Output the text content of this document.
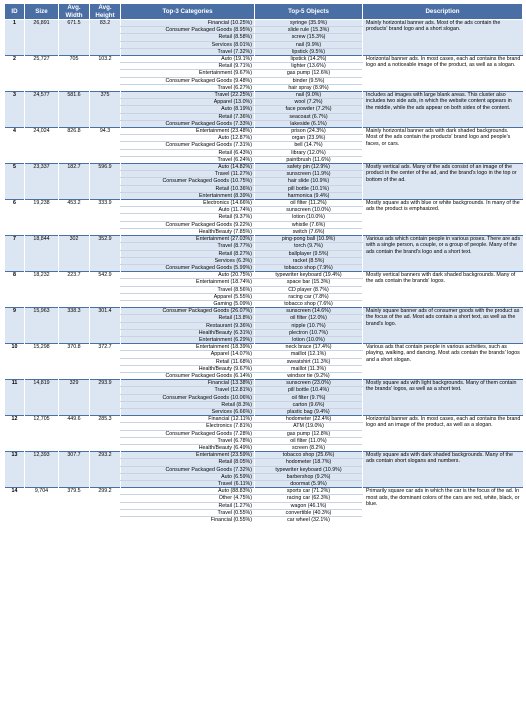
ID	Size	Avg. Width	Avg. Height	Top-3 Categories	Top-5 Objects	Description
1	26,891	671.5	83.2	Financial (10.25%)	syringe (35.9%)	Mainly horizontal banner ads. Most of the ads contain the products' brand logo and a short slogan.
				Consumer Packaged Goods (8.95%)	slide rule (15.3%)	
				Retail (8.58%)	screw (15.3%)	
				Services (8.01%)	nail (9.9%)	
				Travel (7.32%)	lipstick (9.5%)	
2	25,727	705	103.2	Auto (19.1%)	lipstick (14.2%)	Horizontal banner ads. In most cases, each ad contains the brand logo and a noticeable image of the product, as well as a slogan.
				Retail (9.71%)	lighter (13.6%)	
				Entertainment (9.67%)	gas pump (12.6%)	
				Consumer Packaged Goods (9.48%)	binder (9.5%)	
				Travel (6.27%)	hair spray (8.9%)	
3	24,577	581.6	375	Travel (22.25%)	nail (9.0%)	Includes ad images with large blank areas. This cluster also includes two side ads, in which the website content appears in the middle, while the ads appear on both sides of the content.
				Apparel (13.0%)	wool (7.2%)	
				Auto (8.19%)	face powder (7.2%)	
				Retail (7.36%)	seacoast (6.7%)	
				Consumer Packaged Goods (7.33%)	lakeside (6.1%)	
4	24,024	826.8	94.3	Entertainment (23.48%)	prison (24.3%)	Mainly horizontal banner ads with dark shaded backgrounds. Most of the ads contain the products' brand logo and people's faces, or cars.
				Auto (12.87%)	organ (23.9%)	
				Consumer Packaged Goods (7.31%)	bell (14.7%)	
				Retail (6.43%)	library (12.0%)	
				Travel (6.24%)	paintbrush (11.6%)	
5	23,337	182.7	596.9	Auto (14.82%)	safety pin (12.9%)	Mostly vertical ads. Many of the ads consist of an image of the product in the center of the ad, and the brand's logo in the top or bottom of the ad.
				Travel (11.27%)	sunscreen (11.9%)	
				Consumer Packaged Goods (10.75%)	hair slide (10.9%)	
				Retail (10.36%)	pill bottle (10.1%)	
				Entertainment (8.39%)	harmonica (9.4%)	
6	19,238	453.2	333.9	Electronics (14.66%)	oil filter (11.2%)	Mostly square ads with blue or white backgrounds. In many of the ads the product is emphasized.
				Auto (11.74%)	sunscreen (10.0%)	
				Retail (9.37%)	lotion (10.0%)	
				Consumer Packaged Goods (9.22%)	whistle (7.6%)	
				Health/Beauty (7.85%)	switch (7.6%)	
7	18,844	302	352.9	Entertainment (27.03%)	ping-pong ball (10.9%)	Various ads which contain people in various poses. There are ads with a single person, a couple, or a group of people. Many of the ads contain the brand's logo and a short text.
				Travel (8.77%)	torch (9.7%)	
				Retail (8.27%)	ballplayer (9.5%)	
				Services (6.3%)	racket (8.5%)	
				Consumer Packaged Goods (5.99%)	tobacco shop (7.9%)	
8	18,232	223.7	542.9	Auto (20.75%)	typewriter keyboard (19.4%)	Mostly vertical banners with dark shaded backgrounds. Many of the ads contain the brands' logos.
				Entertainment (18.74%)	space bar (15.3%)	
				Travel (8.56%)	CD player (8.7%)	
				Apparel (5.55%)	racing car (7.8%)	
				Gaming (5.09%)	tobacco shop (7.6%)	
9	15,963	338.3	301.4	Consumer Packaged Goods (26.07%)	sunscreen (14.6%)	Mainly square banner ads of consumer goods with the product as the focus of the ad. Most ads contain a short text, as well as the brand's logo.
				Retail (13.8%)	oil filter (12.0%)	
				Restaurant (9.36%)	nipple (10.7%)	
				Health/Beauty (6.31%)	plectron (10.7%)	
				Entertainment (6.29%)	lotion (10.0%)	
10	15,298	370.8	372.7	Entertainment (18.39%)	neck brace (17.4%)	Various ads that contain people in various activities, such as playing, walking, and dancing. Most ads contain the brands' logos and a short slogan.
				Apparel (14.07%)	maillot (12.1%)	
				Retail (11.68%)	sweatshirt (11.3%)	
				Health/Beauty (9.67%)	maillot (11.3%)	
				Consumer Packaged Goods (6.14%)	windsor tie (9.2%)	
11	14,819	329	293.9	Financial (13.38%)	sunscreen (23.0%)	Mostly square ads with light backgrounds. Many of them contain the brands' logos, as well as a short text.
				Travel (12.81%)	pill bottle (10.4%)	
				Consumer Packaged Goods (10.06%)	oil filter (9.7%)	
				Retail (8.3%)	carton (9.6%)	
				Services (6.66%)	plastic bag (9.4%)	
12	12,705	449.6	285.3	Financial (12.11%)	hodometer (22.4%)	Horizontal banner ads. In most cases, each ad contains the brand logo and an image of the product, as well as a slogan.
				Electronics (7.81%)	ATM (19.0%)	
				Consumer Packaged Goods (7.28%)	gas pump (12.8%)	
				Travel (6.78%)	oil filter (11.0%)	
				Health/Beauty (6.49%)	screen (8.2%)	
13	12,393	307.7	293.2	Entertainment (23.59%)	tobacco shop (25.6%)	Mostly square ads with dark shaded backgrounds. Many of the ads contain short slogans and numbers.
				Retail (8.05%)	hodometer (18.7%)	
				Consumer Packaged Goods (7.32%)	typewriter keyboard (10.9%)	
				Auto (6.59%)	barbershop (9.2%)	
				Travel (6.11%)	doormat (5.9%)	
14	9,704	379.5	299.2	Auto (88.83%)	sports car (71.2%)	Primarily square car ads in which the car is the focus of the ad. In most ads, the dominant colors of the cars are red, white, black, or blue.
				Other (4.75%)	racing car (62.3%)	
				Retail (1.27%)	wagon (46.1%)	
				Travel (0.55%)	convertible (40.3%)	
				Financial (0.55%)	car wheel (32.1%)	
